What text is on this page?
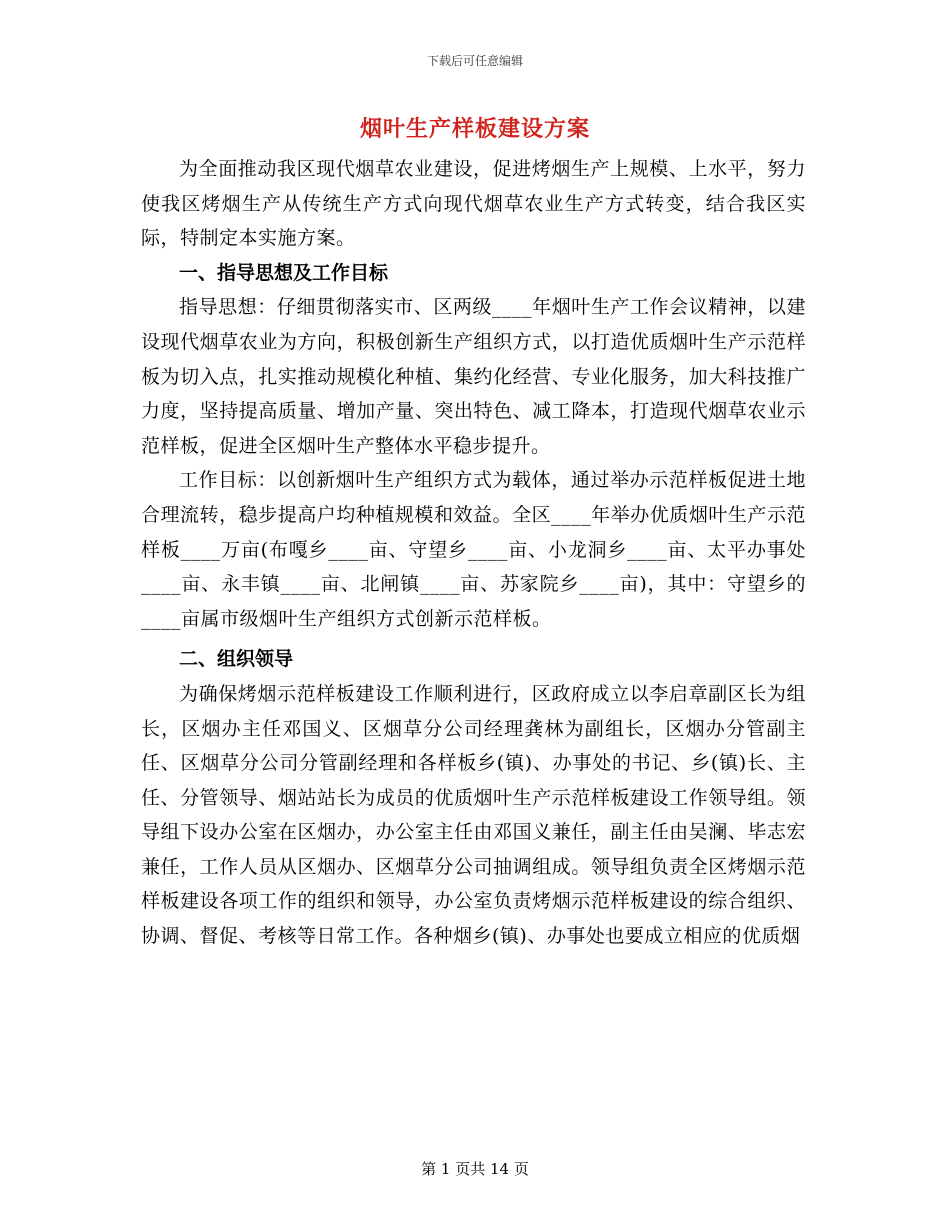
下载后可任意编辑
烟叶生产样板建设方案

为全面推动我区现代烟草农业建设，促进烤烟生产上规模、上水平，努力使我区烤烟生产从传统生产方式向现代烟草农业生产方式转变，结合我区实际，特制定本实施方案。

一、指导思想及工作目标

指导思想：仔细贯彻落实市、区两级____年烟叶生产工作会议精神，以建设现代烟草农业为方向，积极创新生产组织方式，以打造优质烟叶生产示范样板为切入点，扎实推动规模化种植、集约化经营、专业化服务，加大科技推广力度，坚持提高质量、增加产量、突出特色、减工降本，打造现代烟草农业示范样板，促进全区烟叶生产整体水平稳步提升。

工作目标：以创新烟叶生产组织方式为载体，通过举办示范样板促进土地合理流转，稳步提高户均种植规模和效益。全区____年举办优质烟叶生产示范样板____万亩(布嘎乡____亩、守望乡____亩、小龙洞乡____亩、太平办事处____亩、永丰镇____亩、北闸镇____亩、苏家院乡____亩)，其中：守望乡的____亩属市级烟叶生产组织方式创新示范样板。

二、组织领导

为确保烤烟示范样板建设工作顺利进行，区政府成立以李启章副区长为组长，区烟办主任邓国义、区烟草分公司经理龚林为副组长，区烟办分管副主任、区烟草分公司分管副经理和各样板乡(镇)、办事处的书记、乡(镇)长、主任、分管领导、烟站站长为成员的优质烟叶生产示范样板建设工作领导组。领导组下设办公室在区烟办，办公室主任由邓国义兼任，副主任由吴澜、毕志宏兼任，工作人员从区烟办、区烟草分公司抽调组成。领导组负责全区烤烟示范样板建设各项工作的组织和领导，办公室负责烤烟示范样板建设的综合组织、协调、督促、考核等日常工作。各种烟乡(镇)、办事处也要成立相应的优质烟

第 1 页共 14 页
